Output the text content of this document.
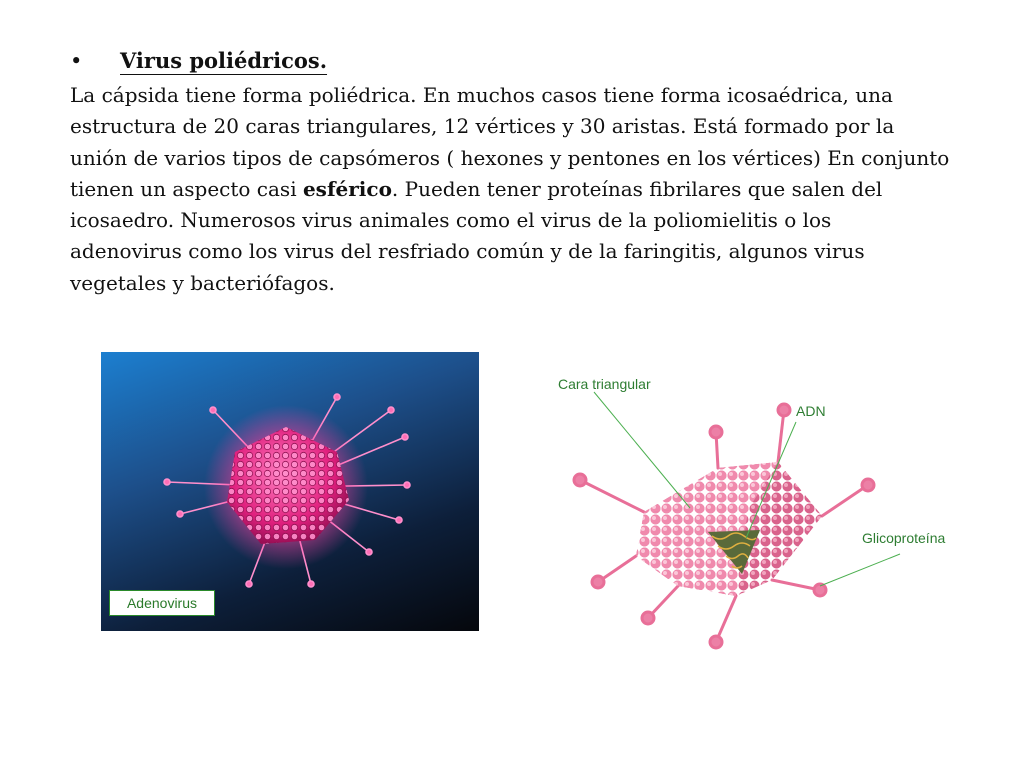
• Virus poliédricos.
La cápsida tiene forma poliédrica. En muchos casos tiene forma icosaédrica, una
estructura de 20 caras triangulares, 12 vértices y 30 aristas. Está formado por la
unión de varios tipos de capsómeros ( hexones y pentones en los vértices) En conjunto
tienen un aspecto casi esférico. Pueden tener proteínas fibrilares que salen del
icosaedro. Numerosos virus animales como el virus de la poliomielitis o los
adenovirus como los virus del resfriado común y de la faringitis, algunos virus
vegetales y bacteriófagos.
Adenovirus
Cara triangular
ADN
Glicoproteína
